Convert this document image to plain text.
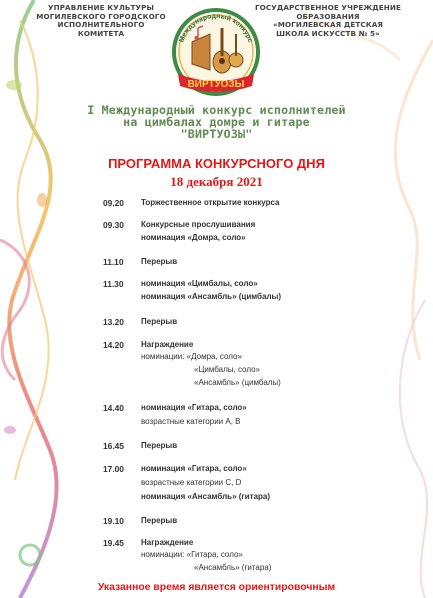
УПРАВЛЕНИЕ КУЛЬТУРЫ
МОГИЛЕВСКОГО ГОРОДСКОГО
ИСПОЛНИТЕЛЬНОГО
КОМИТЕТА
ГОСУДАРСТВЕННОЕ УЧРЕЖДЕНИЕ
ОБРАЗОВАНИЯ
«МОГИЛЕВСКАЯ ДЕТСКАЯ
ШКОЛА ИСКУССТВ № 5»
Международный конкурс
ВИРТУОЗЫ
I Международный конкурс исполнителей
на цимбалах домре и гитаре
"ВИРТУОЗЫ"
ПРОГРАММА КОНКУРСНОГО ДНЯ
18 декабря 2021
09.20 Торжественное открытие конкурса
09.30 Конкурсные прослушивания
номинация «Домра, соло»
11.10 Перерыв
11.30 номинация «Цимбалы, соло»
номинация «Ансамбль» (цимбалы)
13.20 Перерыв
14.20 Награждение
номинации: «Домра, соло»
«Цимбалы, соло»
«Ансамбль» (цимбалы)
14.40 номинация «Гитара, соло»
возрастные категории А, В
16.45 Перерыв
17.00 номинация «Гитара, соло»
возрастные категории С, D
номинация «Ансамбль» (гитара)
19.10 Перерыв
19.45 Награждение
номинации: «Гитара, соло»
«Ансамбль» (гитара)
Указанное время является ориентировочным
